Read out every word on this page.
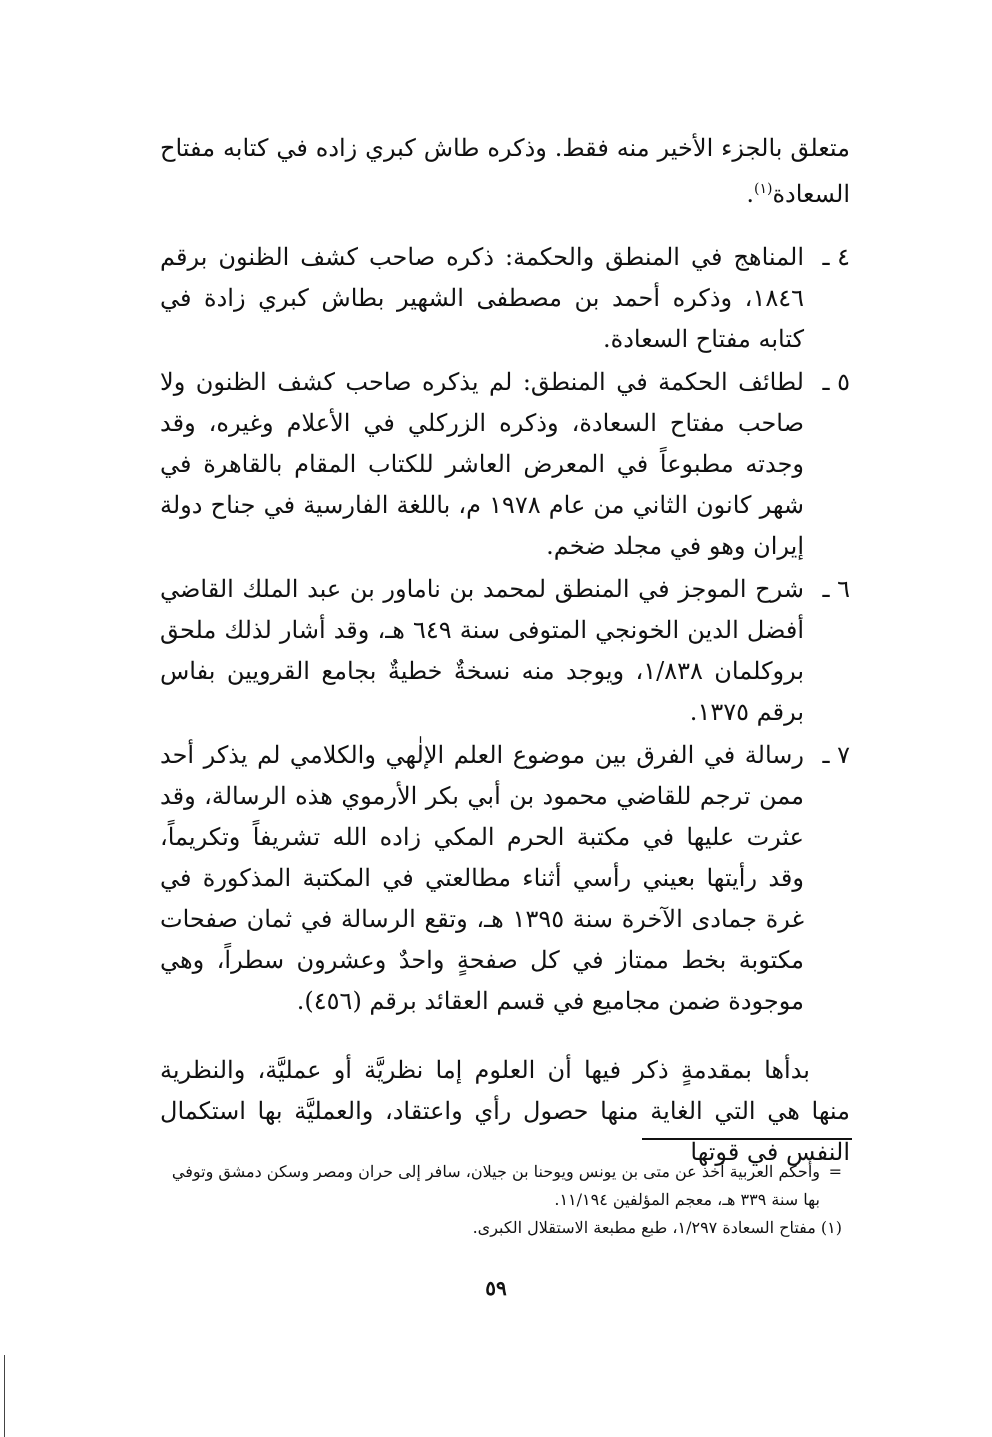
متعلق بالجزء الأخير منه فقط. وذكره طاش كبري زاده في كتابه مفتاح السعادة$^{(١)}$.

٤ ـ
المناهج في المنطق والحكمة: ذكره صاحب كشف الظنون برقم ١٨٤٦، وذكره أحمد بن مصطفى الشهير بطاش كبري زادة في كتابه مفتاح السعادة.
٥ ـ
لطائف الحكمة في المنطق: لم يذكره صاحب كشف الظنون ولا صاحب مفتاح السعادة، وذكره الزركلي في الأعلام وغيره، وقد وجدته مطبوعاً في المعرض العاشر للكتاب المقام بالقاهرة في شهر كانون الثاني من عام ١٩٧٨ م، باللغة الفارسية في جناح دولة إيران وهو في مجلد ضخم.
٦ ـ
شرح الموجز في المنطق لمحمد بن ناماور بن عبد الملك القاضي أفضل الدين الخونجي المتوفى سنة ٦٤٩ هـ، وقد أشار لذلك ملحق بروكلمان ١/٨٣٨، ويوجد منه نسخةٌ خطيةٌ بجامع القرويين بفاس برقم ١٣٧٥.
٧ ـ
رسالة في الفرق بين موضوع العلم الإلٰهي والكلامي لم يذكر أحد ممن ترجم للقاضي محمود بن أبي بكر الأرموي هذه الرسالة، وقد عثرت عليها في مكتبة الحرم المكي زاده الله تشريفاً وتكريماً، وقد رأيتها بعيني رأسي أثناء مطالعتي في المكتبة المذكورة في غرة جمادى الآخرة سنة ١٣٩٥ هـ، وتقع الرسالة في ثمان صفحات مكتوبة بخط ممتاز في كل صفحةٍ واحدٌ وعشرون سطراً، وهي موجودة ضمن مجاميع في قسم العقائد برقم (٤٥٦).

بدأها بمقدمةٍ ذكر فيها أن العلوم إما نظريَّة أو عمليَّة، والنظرية منها هي التي الغاية منها حصول رأي واعتقاد، والعمليَّة بها استكمال النفس في قوتها

=
وأحكم العربية أخذ عن متى بن يونس ويوحنا بن جيلان، سافر إلى حران ومصر وسكن دمشق وتوفي بها سنة ٣٣٩ هـ، معجم المؤلفين ١١/١٩٤.

(١) مفتاح السعادة ١/٢٩٧، طبع مطبعة الاستقلال الكبرى.

٥٩
